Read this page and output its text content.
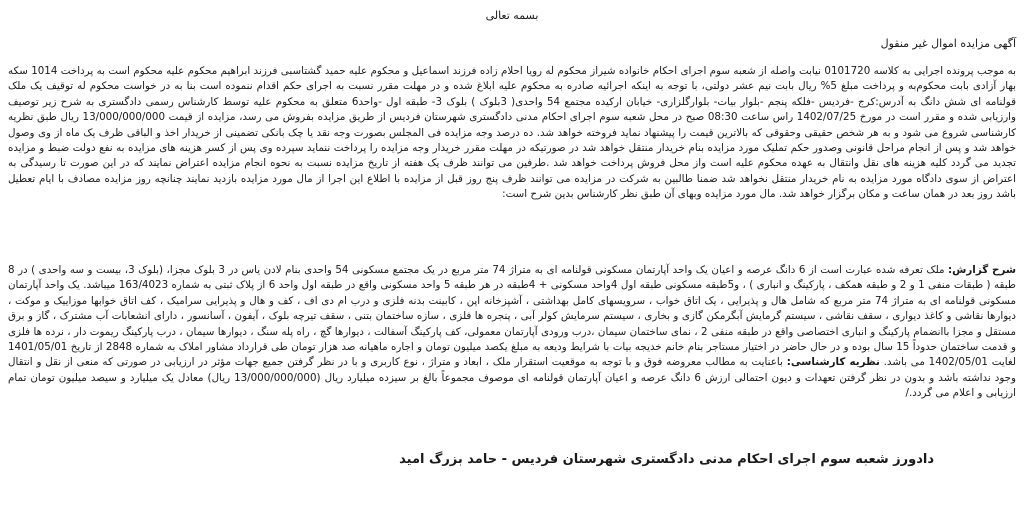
بسمه تعالی
آگهی مزایده اموال غیر منقول

به موجب پرونده اجرایی به کلاسه 0101720 نیابت واصله از شعبه سوم اجرای احکام خانواده شیراز محکوم له رویا احلام زاده فرزند اسماعیل و محکوم علیه حمید گشتاسبی فرزند ابراهیم محکوم علیه محکوم است به پرداخت 1014 سکه بهار آزادی بابت محکوم‌به و پرداخت مبلغ 5% ریال بابت نیم عشر دولتی، با توجه به اینکه اجرائیه صادره به محکوم علیه ابلاغ شده و در مهلت مقرر نسبت به اجرای حکم اقدام ننموده است بنا به در خواست محکوم له توقیف یک ملک قولنامه ای شش دانگ به آدرس:کرج -فردیس -فلکه پنجم -بلوار بیات- بلوارگلزاری- خیابان ارکیده مجتمع 54 واحدی( 3بلوک ) بلوک 3- طبقه اول -واحد6 متعلق به محکوم علیه توسط کارشناس رسمی دادگستری به شرح زیر توصیف وارزیابی شده و مقرر است در مورخ 1402/07/25 راس ساعت 08:30 صبح در محل شعبه سوم اجرای احکام مدنی دادگستری شهرستان فردیس از طریق مزایده بفروش می رسد، مزایده از قیمت 13/000/000/000 ریال طبق نظریه کارشناسی شروع می شود و به هر شخص حقیقی وحقوقی که بالاترین قیمت را پیشنهاد نماید فروخته خواهد شد. ده درصد وجه مزایده فی المجلس بصورت وجه نقد یا چک بانکی تضمینی از خریدار اخذ و الباقی ظرف یک ماه از وی وصول خواهد شد و پس از انجام مراحل قانونی وصدور حکم تملیک مورد مزایده بنام خریدار منتقل خواهد شد در صورتیکه در مهلت مقرر خریدار وجه مزایده را پرداخت ننماید سپرده وی پس از کسر هزینه های مزایده به نفع دولت ضبط و مزایده تجدید می گردد کلیه هزینه های نقل وانتقال به عهده محکوم علیه است واز محل فروش پرداخت خواهد شد .طرفین می توانند ظرف یک هفته از تاریخ مزایده نسبت به نحوه انجام مزایده اعتراض نمایند که در این صورت تا رسیدگی به اعتراض از سوی دادگاه مورد مزایده به نام خریدار منتقل نخواهد شد ضمنا طالبین به شرکت در مزایده می توانند ظرف پنج روز قبل از مزایده با اطلاع این اجرا از مال مورد مزایده بازدید نمایند چنانچه روز مزایده مصادف با ایام تعطیل باشد روز بعد در همان ساعت و مکان برگزار خواهد شد. مال مورد مزایده وبهای آن طبق نظر کارشناس بدین شرح است:

شرح گزارش: ملک تعرفه شده عبارت است از 6 دانگ عرصه و اعیان یک واحد آپارتمان مسکونی قولنامه ای به متراژ 74 متر مربع در یک مجتمع مسکونی 54 واحدی بنام لادن یاس در 3 بلوک مجزا، (بلوک 3، بیست و سه واحدی ) در 8 طبقه ( طبقات منفی 1 و 2 و طبقه همکف ، پارکینگ و انباری ) ، و5طبقه مسکونی طبقه اول 4واحد مسکونی + 4طبقه در هر طبقه 5 واحد مسکونی واقع در طبقه اول واحد 6 از پلاک ثبتی به شماره 163/4023 میباشد. یک واحد آپارتمان مسکونی قولنامه ای به متراژ 74 متر مربع که شامل هال و پذیرایی ، یک اتاق خواب ، سرویسهای کامل بهداشتی ، آشپزخانه اپن ، کابینت بدنه فلزی و درب ام دی اف ، کف و هال و پذیرایی سرامیک ، کف اتاق خوابها موزاییک و موکت ، دیوارها نقاشی و کاغذ دیواری ، سقف نقاشی ، سیستم گرمایش آبگرمکن گازی و بخاری ، سیستم سرمایش کولر آبی ، پنجره ها فلزی ، سازه ساختمان بتنی ، سقف تیرچه بلوک ، آیفون ، آسانسور ، دارای انشعابات آب مشترک ، گاز و برق مستقل و مجزا باانضمام پارکینگ و انباری اختصاصی واقع در طبقه منفی 2 ، نمای ساختمان سیمان ،درب ورودی آپارتمان معمولی، کف پارکینگ آسفالت ، دیوارها گچ ، راه پله سنگ ، دیوارها سیمان ، درب پارکینگ ریموت دار ، نرده ها فلزی و قدمت ساختمان حدوداً 15 سال بوده و در حال حاضر در اختیار مستاجر بنام خانم خدیجه بیات با شرایط ودیعه به مبلغ یکصد میلیون تومان و اجاره ماهیانه صد هزار تومان طی قرارداد مشاور املاک به شماره 2848 از تاریخ 1401/05/01 لغایت 1402/05/01 می باشد. نظریه کارشناسی: باعنایت به مطالب معروضه فوق و با توجه به موقعیت استقرار ملک ، ابعاد و متراژ ، نوع کاربری و با در نظر گرفتن جمیع جهات مؤثر در ارزیابی در صورتی که منعی از نقل و انتقال وجود نداشته باشد و بدون در نظر گرفتن تعهدات و دیون احتمالی ارزش 6 دانگ عرصه و اعیان آپارتمان قولنامه ای موصوف مجموعاً بالغ بر سیزده میلیارد ریال (13/000/000/000 ریال) معادل یک میلیارد و سیصد میلیون تومان تمام ارزیابی و اعلام می گردد./

دادورز شعبه سوم اجرای احکام مدنی دادگستری شهرستان فردیس - حامد بزرگ امید
